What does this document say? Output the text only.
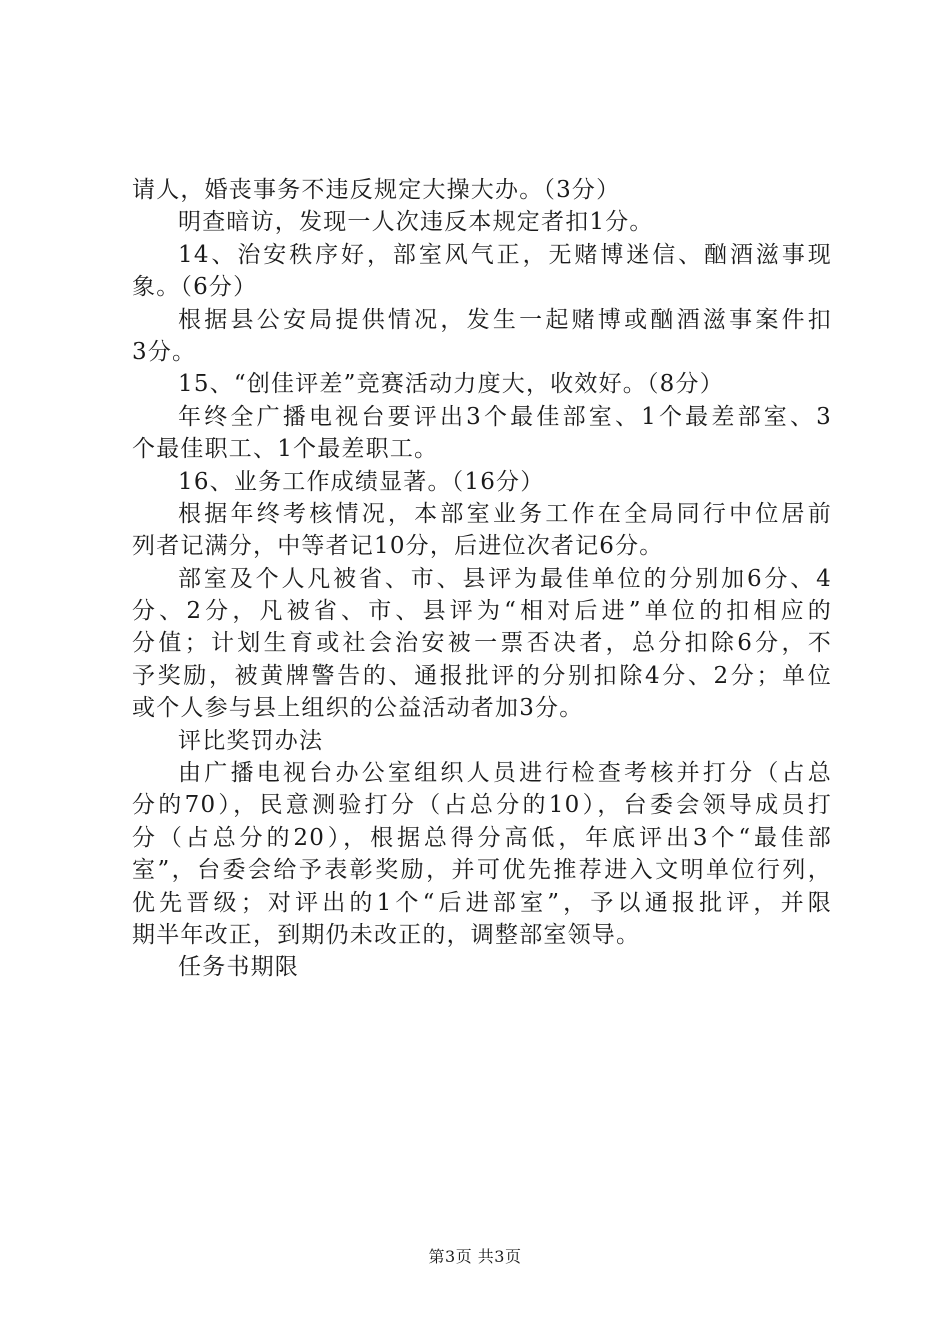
请人，婚丧事务不违反规定大操大办。（3分）
明查暗访，发现一人次违反本规定者扣1分。
14、治安秩序好，部室风气正，无赌博迷信、酗酒滋事现
象。（6分）
根据县公安局提供情况，发生一起赌博或酗酒滋事案件扣
3分。
15、“创佳评差”竞赛活动力度大，收效好。（8分）
年终全广播电视台要评出3个最佳部室、1个最差部室、3
个最佳职工、1个最差职工。
16、业务工作成绩显著。（16分）
根据年终考核情况，本部室业务工作在全局同行中位居前
列者记满分，中等者记10分，后进位次者记6分。
部室及个人凡被省、市、县评为最佳单位的分别加6分、4
分、2分，凡被省、市、县评为“相对后进”单位的扣相应的
分值；计划生育或社会治安被一票否决者，总分扣除6分，不
予奖励，被黄牌警告的、通报批评的分别扣除4分、2分；单位
或个人参与县上组织的公益活动者加3分。
评比奖罚办法
由广播电视台办公室组织人员进行检查考核并打分（占总
分的70），民意测验打分（占总分的10），台委会领导成员打
分（占总分的20），根据总得分高低，年底评出3个“最佳部
室”，台委会给予表彰奖励，并可优先推荐进入文明单位行列，
优先晋级；对评出的1个“后进部室”，予以通报批评，并限
期半年改正，到期仍未改正的，调整部室领导。
任务书期限
第3页 共3页
